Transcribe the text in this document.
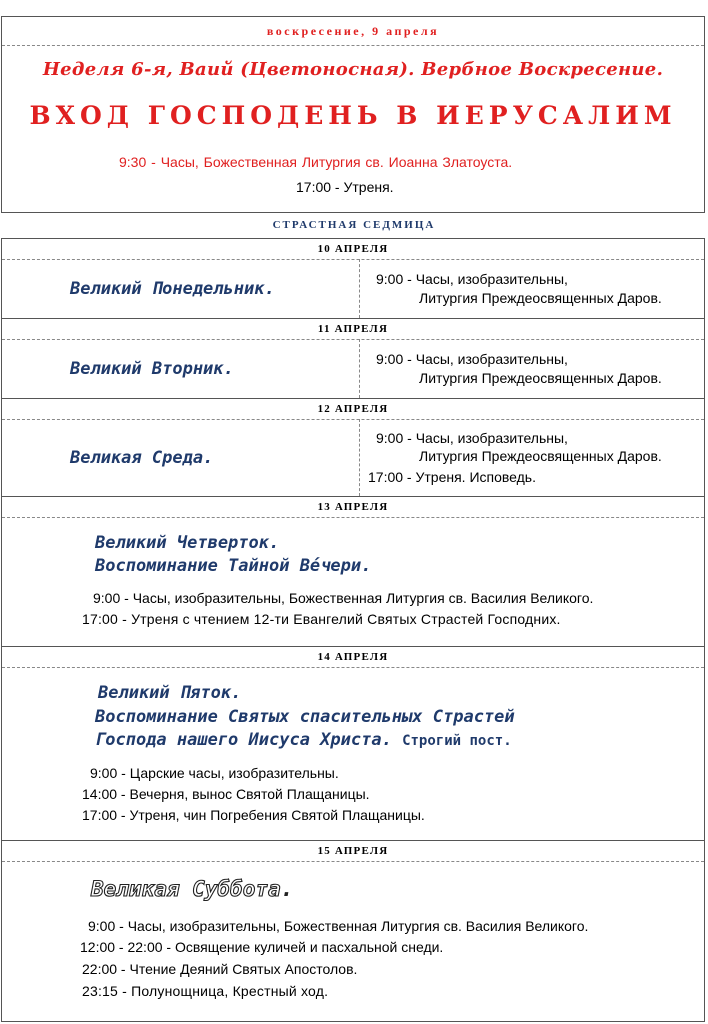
воскресение, 9 апреля
Неделя 6-я, Ваий (Цветоносная). Вербное Воскресение.
ВХОД ГОСПОДЕНЬ В ИЕРУСАЛИМ
9:30 - Часы, Божественная Литургия св. Иоанна Златоуста.
17:00 - Утреня.
СТРАСТНАЯ СЕДМИЦА
10 АПРЕЛЯ
Великий Понедельник.	9:00 - Часы, изобразительны,
Литургия Преждеосвященных Даров.
11 АПРЕЛЯ
Великий Вторник.	9:00 - Часы, изобразительны,
Литургия Преждеосвященных Даров.
12 АПРЕЛЯ
Великая Среда.
9:00 - Часы, изобразительны,
Литургия Преждеосвященных Даров.
17:00 - Утреня. Исповедь.
13 АПРЕЛЯ
Великий Четверток.
Воспоминание Тайной Вéчери.
9:00 - Часы, изобразительны, Божественная Литургия св. Василия Великого.
17:00 - Утреня с чтением 12-ти Евангелий Святых Страстей Господних.
14 АПРЕЛЯ
Великий Пяток.
Воспоминание Святых спасительных Страстей
Господа нашего Иисуса Христа. Строгий пост.
9:00 - Царские часы, изобразительны.
14:00 - Вечерня, вынос Святой Плащаницы.
17:00 - Утреня, чин Погребения Святой Плащаницы.
15 АПРЕЛЯ
Великая Суббота.
9:00 - Часы, изобразительны, Божественная Литургия св. Василия Великого.
12:00 - 22:00 - Освящение куличей и пасхальной снеди.
22:00 - Чтение Деяний Святых Апостолов.
23:15 - Полунощница, Крестный ход.
